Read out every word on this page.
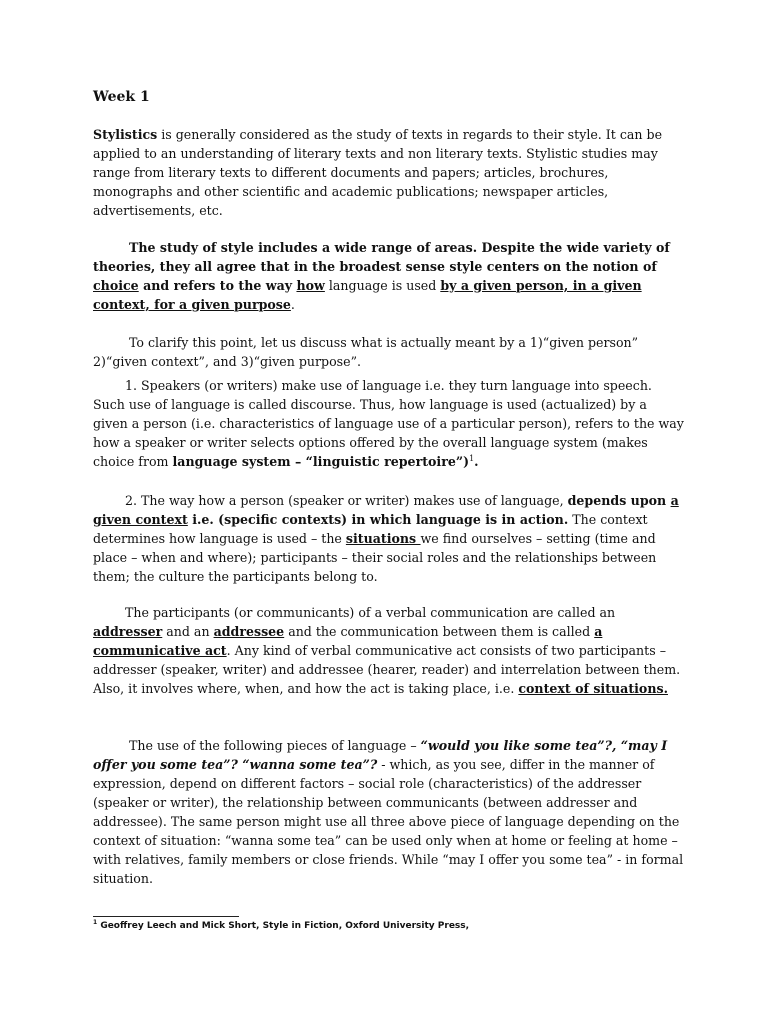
Week 1

Stylistics is generally considered as the study of texts in regards to their style. It can be applied to an understanding of literary texts and non literary texts. Stylistic studies may range from literary texts to different documents and papers; articles, brochures, monographs and other scientific and academic publications; newspaper articles, advertisements, etc.

The study of style includes a wide range of areas. Despite the wide variety of theories, they all agree that in the broadest sense style centers on the notion of choice and refers to the way how language is used by a given person, in a given context, for a given purpose.

To clarify this point, let us discuss what is actually meant by a 1)“given person” 2)“given context”, and 3)“given purpose”.

1. Speakers (or writers) make use of language i.e. they turn language into speech. Such use of language is called discourse. Thus, how language is used (actualized) by a given a person (i.e. characteristics of language use of a particular person), refers to the way how a speaker or writer selects options offered by the overall language system (makes choice from language system – “linguistic repertoire”)$^1$.

2. The way how a person (speaker or writer) makes use of language, depends upon a given context i.e. (specific contexts) in which language is in action. The context determines how language is used – the situations we find ourselves – setting (time and place – when and where); participants – their social roles and the relationships between them; the culture the participants belong to.

The participants (or communicants) of a verbal communication are called an addresser and an addressee and the communication between them is called a communicative act. Any kind of verbal communicative act consists of two participants – addresser (speaker, writer) and addressee (hearer, reader) and interrelation between them. Also, it involves where, when, and how the act is taking place, i.e. context of situations.

The use of the following pieces of language – “would you like some tea”?, “may I offer you some tea”? “wanna some tea”? - which, as you see, differ in the manner of expression, depend on different factors – social role (characteristics) of the addresser (speaker or writer), the relationship between communicants (between addresser and addressee). The same person might use all three above piece of language depending on the context of situation: “wanna some tea” can be used only when at home or feeling at home – with relatives, family members or close friends. While “may I offer you some tea” - in formal situation.

$^1$ Geoffrey Leech and Mick Short, Style in Fiction, Oxford University Press,
